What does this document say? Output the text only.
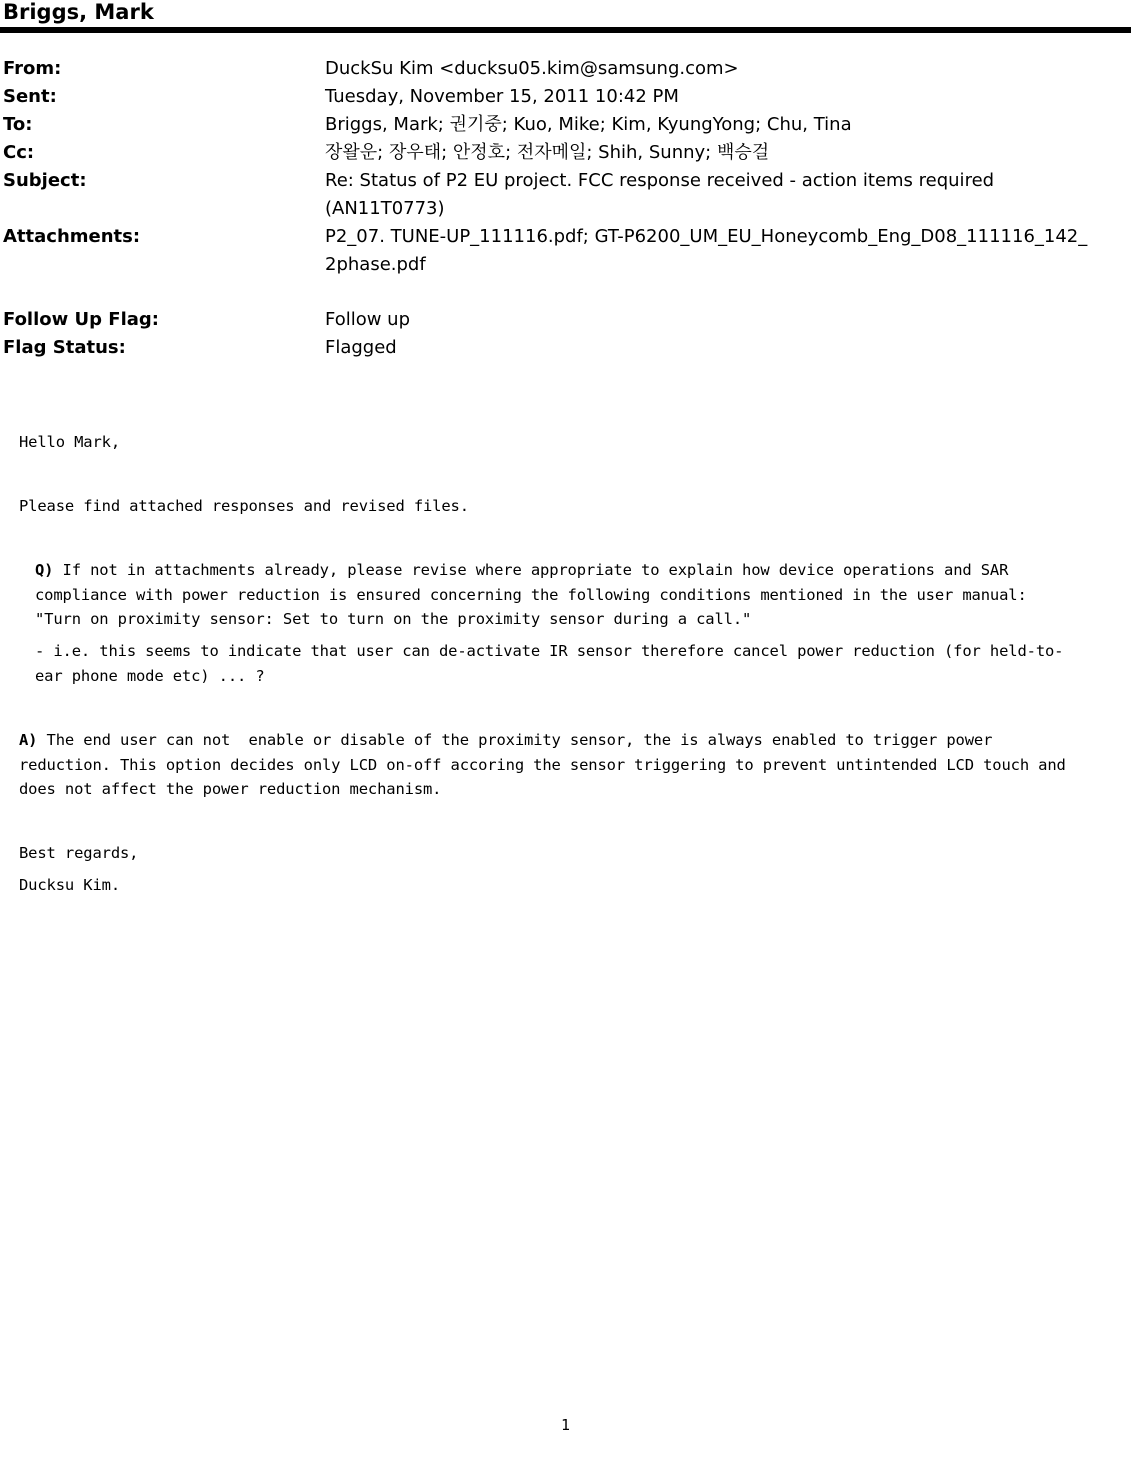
Briggs, Mark
From:	DuckSu Kim <ducksu05.kim@samsung.com>
Sent:	Tuesday, November 15, 2011 10:42 PM
To:	Briggs, Mark; 권기중; Kuo, Mike; Kim, KyungYong; Chu, Tina
Cc:	장왈운; 장우태; 안정호; 전자메일; Shih, Sunny; 백승걸
Subject:	Re: Status of P2 EU project. FCC response received - action items required
(AN11T0773)
Attachments:	P2_07. TUNE-UP_111116.pdf; GT-P6200_UM_EU_Honeycomb_Eng_D08_111116_142_
2phase.pdf
Follow Up Flag:	Follow up
Flag Status:	Flagged
Hello Mark,
Please find attached responses and revised files.
Q) If not in attachments already, please revise where appropriate to explain how device operations and SAR
compliance with power reduction is ensured concerning the following conditions mentioned in the user manual:
"Turn on proximity sensor: Set to turn on the proximity sensor during a call."
- i.e. this seems to indicate that user can de-activate IR sensor therefore cancel power reduction (for held-to-
ear phone mode etc) ... ?
A) The end user can not  enable or disable of the proximity sensor, the is always enabled to trigger power
reduction. This option decides only LCD on-off accoring the sensor triggering to prevent untintended LCD touch and
does not affect the power reduction mechanism.
Best regards,
Ducksu Kim.
1
